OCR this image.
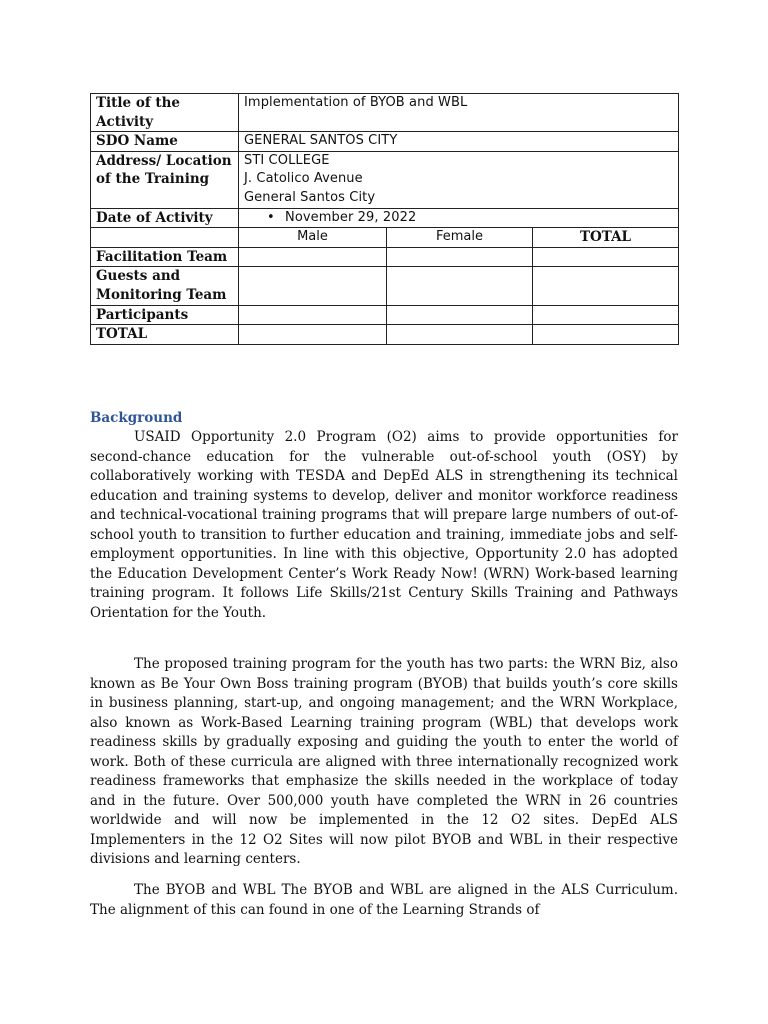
Title of the Activity	Implementation of BYOB and WBL		
SDO Name	GENERAL SANTOS CITY		
Address/ Location of the Training	STI COLLEGE
J. Catolico Avenue
General Santos City		

Date of Activity	• November 29, 2022		
	Male	Female	TOTAL
Facilitation Team			
Guests and Monitoring Team			
Participants			
TOTAL			
Background

USAID Opportunity 2.0 Program (O2) aims to provide opportunities for second-chance education for the vulnerable out-of-school youth (OSY) by collaboratively working with TESDA and DepEd ALS in strengthening its technical education and training systems to develop, deliver and monitor workforce readiness and technical-vocational training programs that will prepare large numbers of out-of-school youth to transition to further education and training, immediate jobs and self-employment opportunities. In line with this objective, Opportunity 2.0 has adopted the Education Development Center’s Work Ready Now! (WRN) Work-based learning training program. It follows Life Skills/21st Century Skills Training and Pathways Orientation for the Youth.

The proposed training program for the youth has two parts: the WRN Biz, also known as Be Your Own Boss training program (BYOB) that builds youth’s core skills in business planning, start-up, and ongoing management; and the WRN Workplace, also known as Work-Based Learning training program (WBL) that develops work readiness skills by gradually exposing and guiding the youth to enter the world of work. Both of these curricula are aligned with three internationally recognized work readiness frameworks that emphasize the skills needed in the workplace of today and in the future. Over 500,000 youth have completed the WRN in 26 countries worldwide and will now be implemented in the 12 O2 sites. DepEd ALS Implementers in the 12 O2 Sites will now pilot BYOB and WBL in their respective divisions and learning centers.

The BYOB and WBL The BYOB and WBL are aligned in the ALS Curriculum. The alignment of this can found in one of the Learning Strands of
